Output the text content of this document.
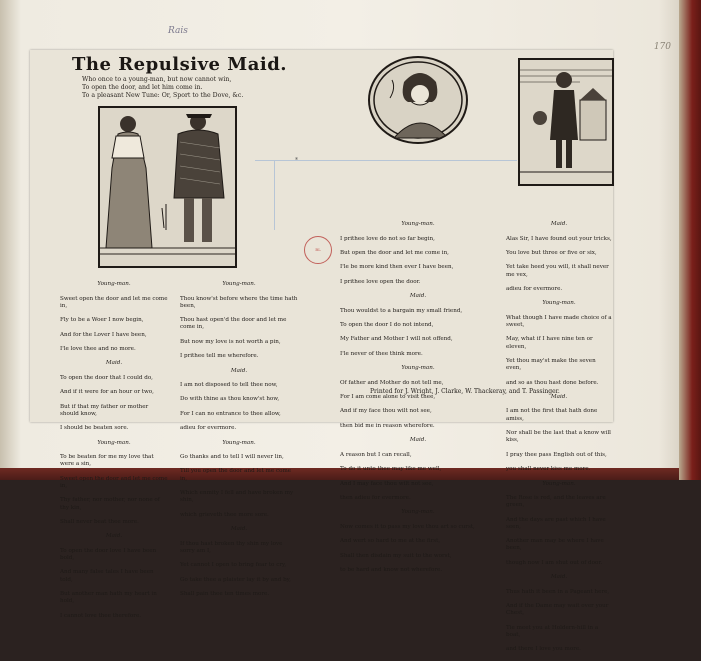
Rais
170
The Repulsive Maid.
Who once to a young-man, but now cannot win,
To open the door, and let him come in.
To a pleasant New Tune: Or, Sport to the Dove, &c.
*
BL

Young-man.

Sweet open the door and let me come in,

Fly to be a Woer I now begin,

And for the Lover I have been,

I'le love thee and no more.

Maid.

To open the door that I could do,

And if it were for an hour or two,

But if that my father or mother should know,

I should be beaten sore.

Young-man.

To be beaten for me my love that were a sin,

Sweet open the door and let me come in,

Thy father, nor mother, nor none of thy kin,

Shall never beat thee more.

Maid.

To open the door love I have been bold,

And many false tales I have been told,

But another man hath my heart in hold,

I cannot love thee therefore.

Young-man.

Thou know'st before where the time hath been,

Thou hast open'd the door and let me come in,

But now my love is not worth a pin,

I prithee tell me wherefore.

Maid.

I am not disposed to tell thee now,

Do with thine as thou know'st how,

For I can no entrance to thee allow,

adieu for evermore.

Young-man.

Go thanks and to tell I will never lin,

Till you open the door and let me come in,

Which enmity I fell and have broken my shin,

which grieveth thee more sore.

Maid.

If thou hast broken thy shin my love sorry am I,

Yet cannot I open to bring fear to cry,

Go take thee a plaister lay it by and by,

Shall pain thee ten times more.

Young-man.

I prithee love do not so far begin,

But open the door and let me come in,

I'le be more kind then ever I have been,

I prithee love open the door.

Maid.

Thou wouldst to a bargain my small friend,

To open the door I do not intend,

My Father and Mother I will not offend,

I'le never of thee think more.

Young-man.

Of father and Mother do not tell me,

For I am come alone to visit thee,

And if my face thou wilt not see,

then bid me in reason wherefore.

Maid.

A reason but I can recall,

To do it unto thee may like me well,

And I may face thou wilt not see,

then adieu for evermore.

Young-man.

Now comes it to pass my love thou art so curst,

And wert so hard to me at the first,

Shall then disdain my suit to the worst,

to be hard and know not wherefore.

Maid.

Alas Sir, I have found out your tricks,

You love but three or five or six,

Yet take heed you will, it shall never me vex,

adieu for evermore.

Young-man.

What though I have made choice of a sweet,

May, what if I have nine ten or eleven,

Yet thou may'st make the seven even,

and so as thou hast done before.

Maid.

I am not the first that hath done amiss,

Nor shall be the last that a know will kiss,

I pray thee pass English out of this,

you shall never kiss me more.

Young-man.

The Rose is red, and the leaves are green,

And the days are past which I have seen,

Another man may be where I have been,

though now I am shut out of door.

Maid.

Thus hath it been in a Pageant here,

And if the Dame may wait over your Chest,

Tie meet you at Holdern-hill in a boat,

and there I love you more.

Printed for J. Wright, J. Clarke, W. Thackeray, and T. Passinger.
